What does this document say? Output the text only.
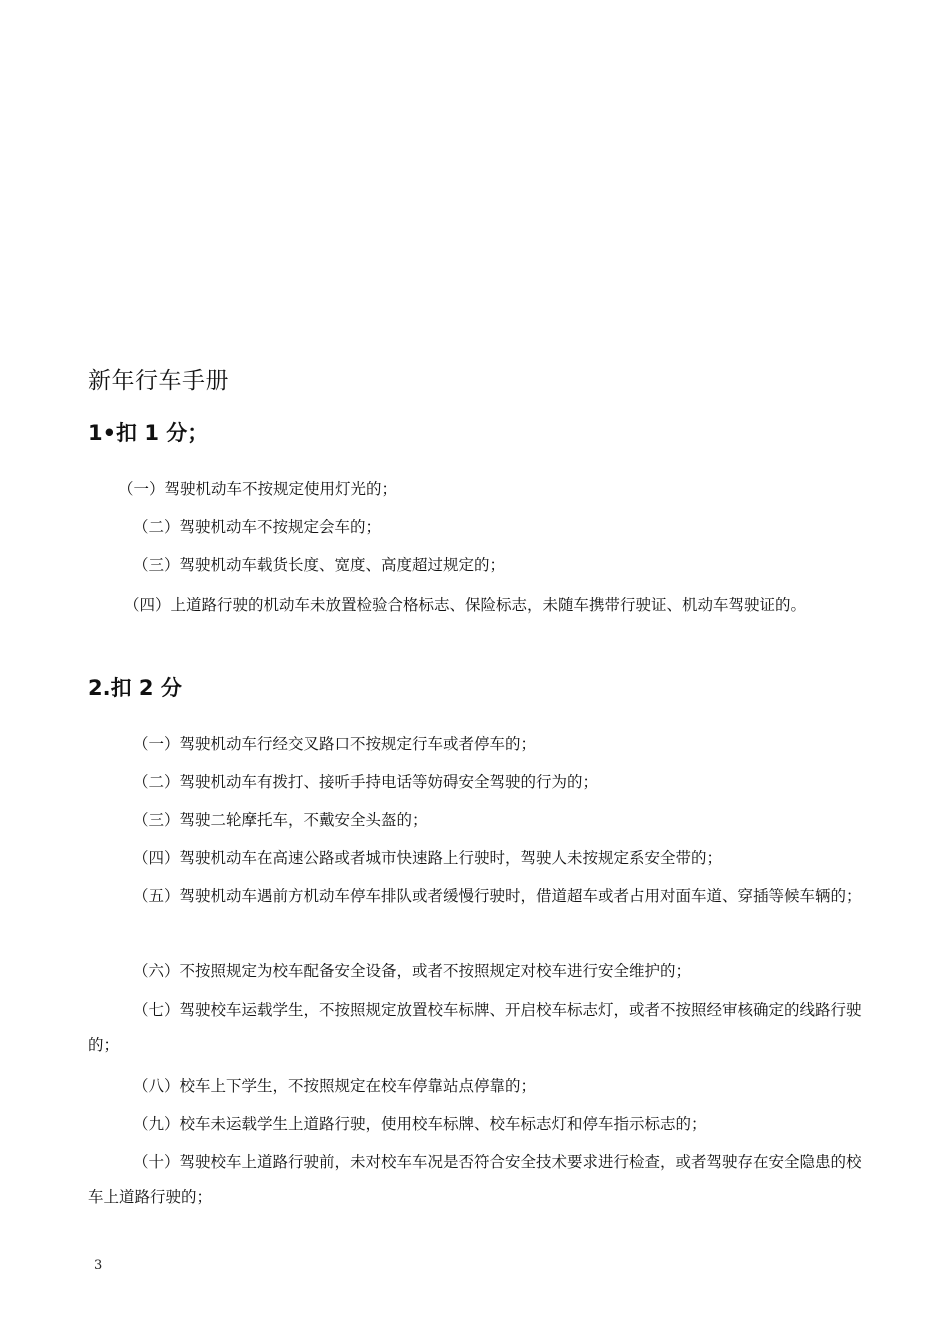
新年行车手册
1•扣 1 分；
（一）驾驶机动车不按规定使用灯光的；
（二）驾驶机动车不按规定会车的；
（三）驾驶机动车载货长度、宽度、高度超过规定的；
（四）上道路行驶的机动车未放置检验合格标志、保险标志，未随车携带行驶证、机动车驾驶证的。
2.扣 2 分
（一）驾驶机动车行经交叉路口不按规定行车或者停车的；
（二）驾驶机动车有拨打、接听手持电话等妨碍安全驾驶的行为的；
（三）驾驶二轮摩托车，不戴安全头盔的；
（四）驾驶机动车在高速公路或者城市快速路上行驶时，驾驶人未按规定系安全带的；
（五）驾驶机动车遇前方机动车停车排队或者缓慢行驶时，借道超车或者占用对面车道、穿插等候车辆的；
（六）不按照规定为校车配备安全设备，或者不按照规定对校车进行安全维护的；
（七）驾驶校车运载学生，不按照规定放置校车标牌、开启校车标志灯，或者不按照经审核确定的线路行驶的；
（八）校车上下学生，不按照规定在校车停靠站点停靠的；
（九）校车未运载学生上道路行驶，使用校车标牌、校车标志灯和停车指示标志的；
（十）驾驶校车上道路行驶前，未对校车车况是否符合安全技术要求进行检查，或者驾驶存在安全隐患的校车上道路行驶的；
3
